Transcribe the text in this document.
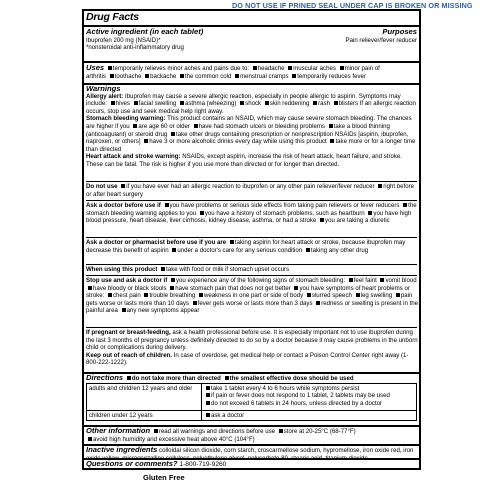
DO NOT USE IF PRINED SEAL UNDER CAP IS BROKEN OR MISSING
Drug Facts
Active ingredient (in each tablet)	Purposes
Ibuprofen 200 mg (NSAID)*	Pain reliever/fever reducer
*nonsteroidal anti-inflammatory drug
Uses temporarily relieves minor aches and pains due to: headache muscular aches minor pain of
arthritis toothache backache the common cold menstrual cramps temporarily reduces fever
Warnings
Allergy alert: Ibuprofen may cause a severe allergic reaction, especially in people allergic to aspirin. Symptoms may include: hives facial swelling asthma (wheezing) shock skin reddening rash blisters If an allergic reaction occurs, stop use and seek medical help right away.
Stomach bleeding warning: This product contains an NSAID, which may cause severe stomach bleeding. The chances are higher if you are age 60 or older have had stomach ulcers or bleeding problems take a blood thinning (anticoagulant) or steroid drug take other drugs containing prescription or nonprescription NSAIDs [aspirin, ibuprofen, naproxen, or others] have 3 or more alcoholic drinks every day while using this product take more or for a longer time than directed
Heart attack and stroke warning: NSAIDs, except aspirin, increase the risk of heart attack, heart failure, and stroke. These can be fatal. The risk is higher if you use more than directed or for longer than directed.
Do not use if you have ever had an allergic reaction to ibuprofen or any other pain reliever/fever reducer right before or after heart surgery
Ask a doctor before use if you have problems or serious side effects from taking pain relievers or fever reducers the stomach bleeding warning applies to you you have a history of stomach problems, such as heartburn you have high blood pressure, heart disease, liver cirrhosis, kidney disease, asthma, or had a stroke you are taking a diuretic
Ask a doctor or pharmacist before use if you are taking aspirin for heart attack or stroke, because ibuprofen may decrease this benefit of aspirin under a doctor's care for any serious condition taking any other drug
When using this product take with food or milk if stomach upset occurs
Stop use and ask a doctor if you experience any of the following signs of stomach bleeding: feel faint vomit blood have bloody or black stools have stomach pain that does not get better you have symptoms of heart problems or stroke: chest pain trouble breathing weakness in one part or side of body slurred speech leg swelling pain gets worse or lasts more than 10 days fever gets worse or lasts more than 3 days redness or swelling is present in the painful area any new symptoms appear
If pregnant or breast-feeding, ask a health professional before use. It is especially important not to use ibuprofen during the last 3 months of pregnancy unless definitely directed to do so by a doctor because it may cause problems in the unborn child or complications during delivery.
Keep out of reach of children. In case of overdose, get medical help or contact a Poison Control Center right away (1-800-222-1222).
Directions do not take more than directed the smallest effective dose should be used
adults and children 12 years and older	take 1 tablet every 4 to 6 hours while symptoms persist
if pain or fever does not respond to 1 tablet, 2 tablets may be used
do not exceed 6 tablets in 24 hours, unless directed by a doctor

children under 12 years	ask a doctor
Other information read all warnings and directions before use store at 20-25°C (68-77°F)
avoid high humidity and excessive heat above 40°C (104°F)
Inactive ingredients colloidal silicon dioxide, corn starch, croscarmellose sodium, hypromellose, iron oxide red, iron
Questions or comments? 1-800-719-9260
Gluten Free
